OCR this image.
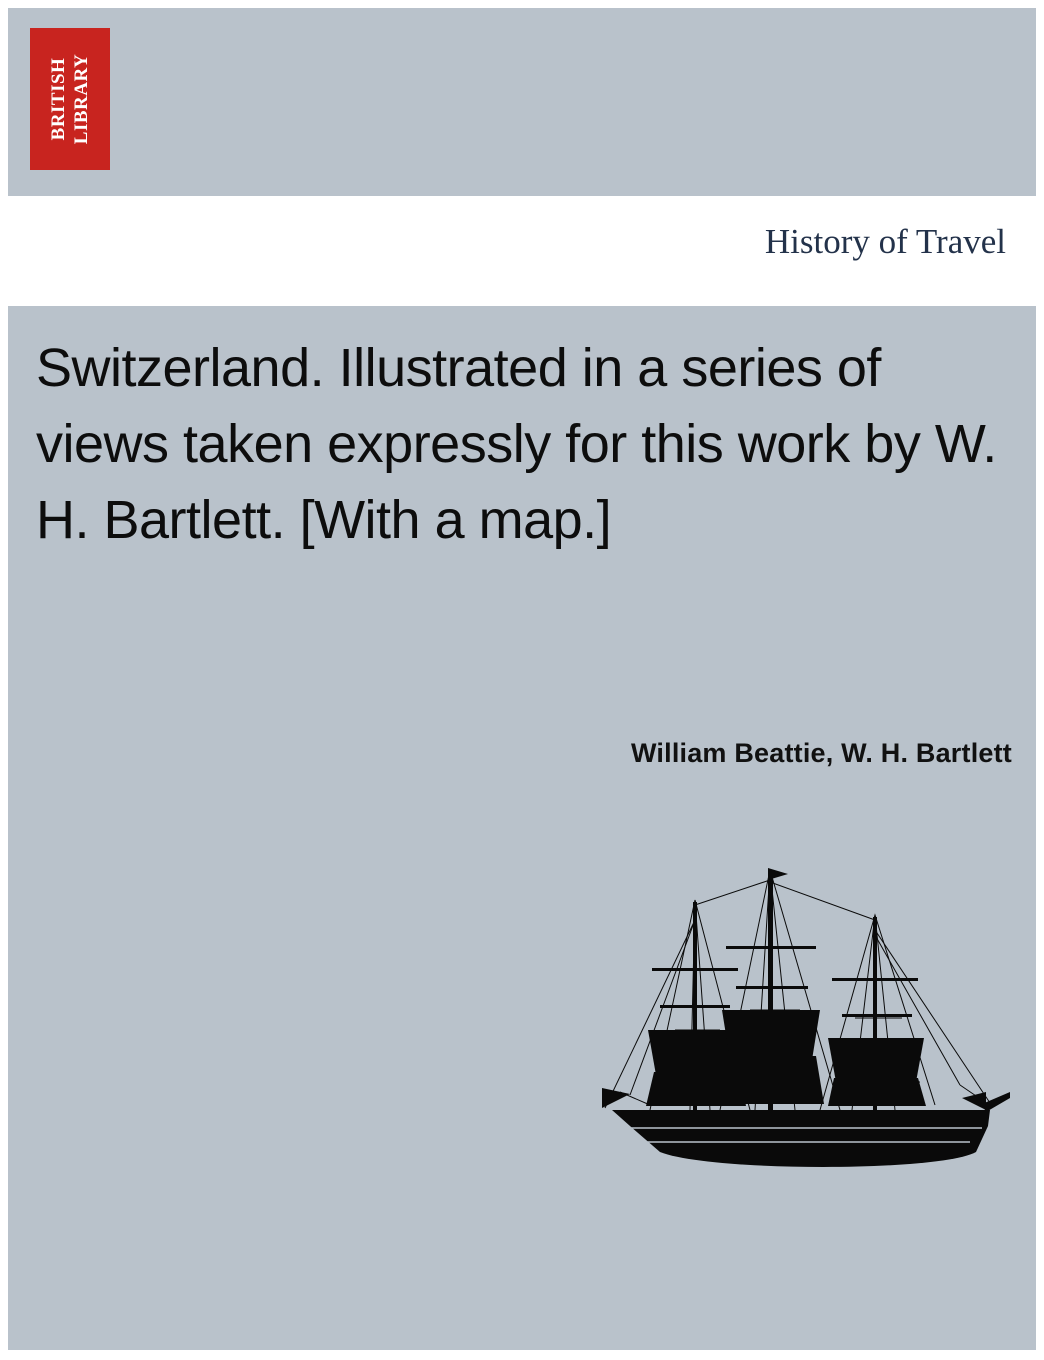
BRITISH LIBRARY
History of Travel
Switzerland. Illustrated in a series of views taken expressly for this work by W. H. Bartlett. [With a map.]
William Beattie, W. H. Bartlett
